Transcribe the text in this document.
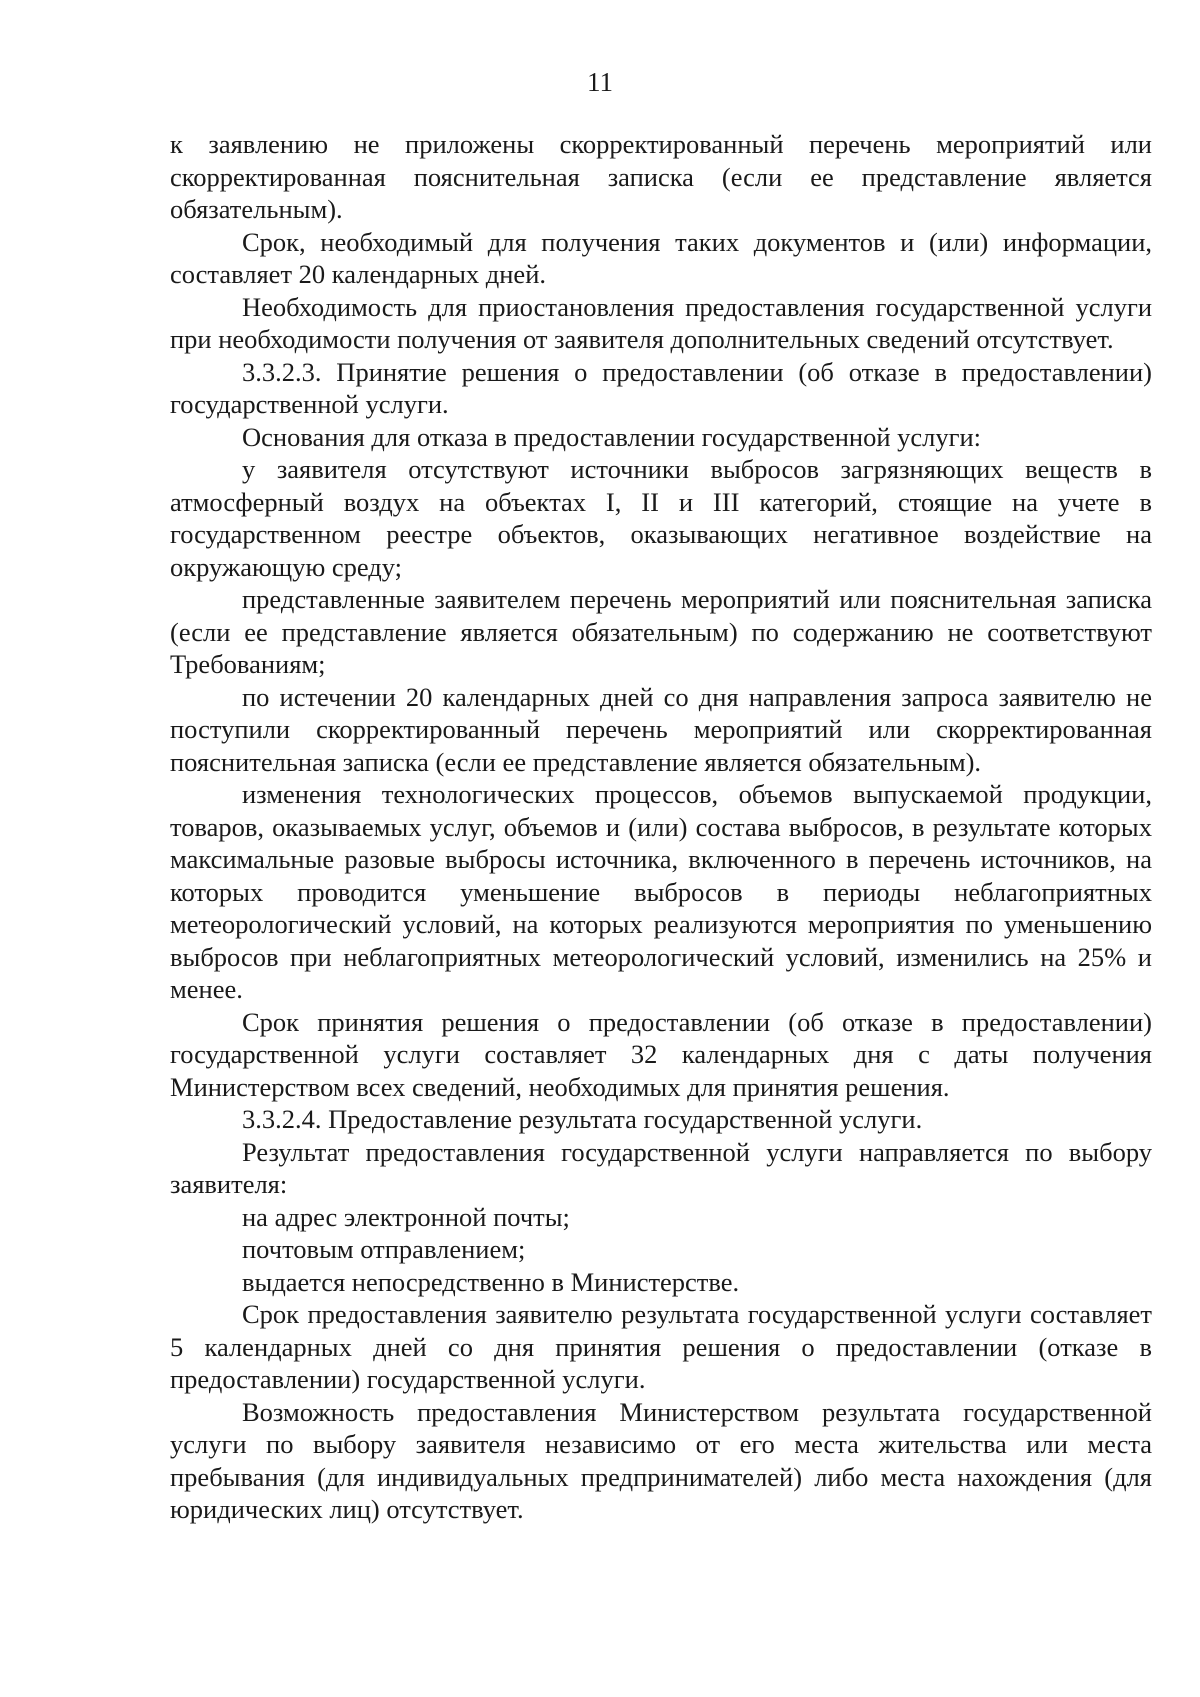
11

к заявлению не приложены скорректированный перечень мероприятий или скорректированная пояснительная записка (если ее представление является обязательным).

Срок, необходимый для получения таких документов и (или) информации, составляет 20 календарных дней.

Необходимость для приостановления предоставления государственной услуги при необходимости получения от заявителя дополнительных сведений отсутствует.

3.3.2.3. Принятие решения о предоставлении (об отказе в предоставлении) государственной услуги.

Основания для отказа в предоставлении государственной услуги:

у заявителя отсутствуют источники выбросов загрязняющих веществ в атмосферный воздух на объектах I, II и III категорий, стоящие на учете в государственном реестре объектов, оказывающих негативное воздействие на окружающую среду;

представленные заявителем перечень мероприятий или пояснительная записка (если ее представление является обязательным) по содержанию не соответствуют Требованиям;

по истечении 20 календарных дней со дня направления запроса заявителю не поступили скорректированный перечень мероприятий или скорректированная пояснительная записка (если ее представление является обязательным).

изменения технологических процессов, объемов выпускаемой продукции, товаров, оказываемых услуг, объемов и (или) состава выбросов, в результате которых максимальные разовые выбросы источника, включенного в перечень источников, на которых проводится уменьшение выбросов в периоды неблагоприятных метеорологический условий, на которых реализуются мероприятия по уменьшению выбросов при неблагоприятных метеорологический условий, изменились на 25% и менее.

Срок принятия решения о предоставлении (об отказе в предоставлении) государственной услуги составляет 32 календарных дня с даты получения Министерством всех сведений, необходимых для принятия решения.

3.3.2.4. Предоставление результата государственной услуги.

Результат предоставления государственной услуги направляется по выбору заявителя:

на адрес электронной почты;

почтовым отправлением;

выдается непосредственно в Министерстве.

Срок предоставления заявителю результата государственной услуги составляет 5 календарных дней со дня принятия решения о предоставлении (отказе в предоставлении) государственной услуги.

Возможность предоставления Министерством результата государственной услуги по выбору заявителя независимо от его места жительства или места пребывания (для индивидуальных предпринимателей) либо места нахождения (для юридических лиц) отсутствует.
